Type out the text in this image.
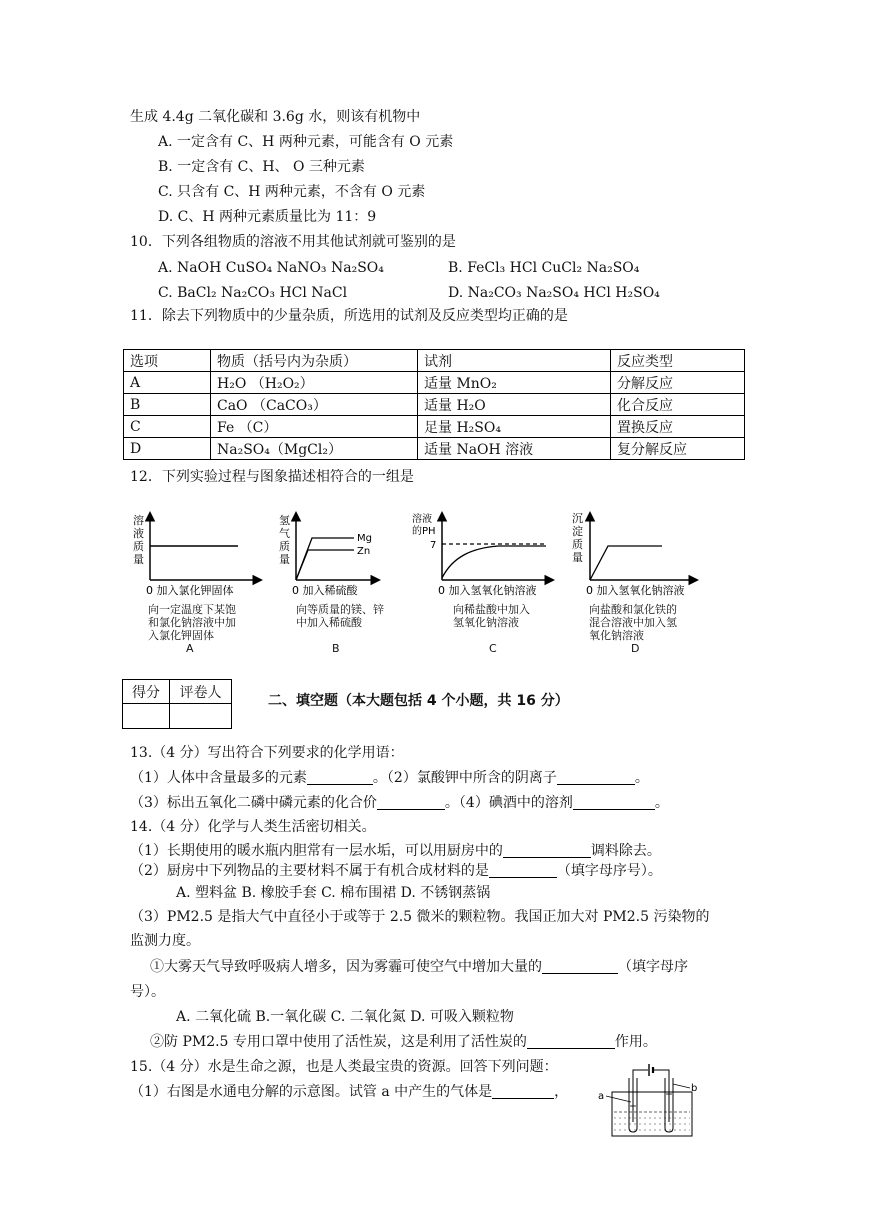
生成 4.4g 二氧化碳和 3.6g 水，则该有机物中
A. 一定含有 C、H 两种元素，可能含有 O 元素
B. 一定含有 C、H、 O 三种元素
C. 只含有 C、H 两种元素，不含有 O 元素
D. C、H 两种元素质量比为 11：9
10．下列各组物质的溶液不用其他试剂就可鉴别的是
A. NaOH CuSO₄ NaNO₃ Na₂SO₄	B. FeCl₃ HCl CuCl₂ Na₂SO₄
C. BaCl₂ Na₂CO₃ HCl NaCl	D. Na₂CO₃ Na₂SO₄ HCl H₂SO₄
11．除去下列物质中的少量杂质，所选用的试剂及反应类型均正确的是
选项	物质（括号内为杂质）	试剂	反应类型
A	H₂O （H₂O₂）	适量 MnO₂	分解反应
B	CaO （CaCO₃）	适量 H₂O	化合反应
C	Fe （C）	足量 H₂SO₄	置换反应
D	Na₂SO₄（MgCl₂）	适量 NaOH 溶液	复分解反应
12．下列实验过程与图象描述相符合的一组是
溶
液
质
量
0 加入氯化钾固体
向一定温度下某饱
和氯化钠溶液中加
入氯化钾固体
A
Mg
Zn
氢
气
质
量
0 加入稀硫酸
向等质量的镁、锌
中加入稀硫酸
B
溶液
的PH
7
0 加入氢氧化钠溶液
向稀盐酸中加入
氢氧化钠溶液
C
沉
淀
质
量
0 加入氢氧化钠溶液
向盐酸和氯化铁的
混合溶液中加入氢
氧化钠溶液
D
得分	评卷人

二、填空题（本大题包括 4 个小题，共 16 分）
13.（4 分）写出符合下列要求的化学用语：
（1）人体中含量最多的元素	。（2）氯酸钾中所含的阴离子	。
（3）标出五氧化二磷中磷元素的化合价	。（4）碘酒中的溶剂	。
14.（4 分）化学与人类生活密切相关。
（1）长期使用的暖水瓶内胆常有一层水垢，可以用厨房中的	调料除去。
（2）厨房中下列物品的主要材料不属于有机合成材料的是	（填字母序号）。
A. 塑料盆 B. 橡胶手套 C. 棉布围裙 D. 不锈钢蒸锅
（3）PM2.5 是指大气中直径小于或等于 2.5 微米的颗粒物。我国正加大对 PM2.5 污染物的
监测力度。
①大雾天气导致呼吸病人增多，因为雾霾可使空气中增加大量的	（填字母序
号）。
A. 二氧化硫 B.一氧化碳 C. 二氧化氮 D. 可吸入颗粒物
②防 PM2.5 专用口罩中使用了活性炭，这是利用了活性炭的	作用。
15.（4 分）水是生命之源，也是人类最宝贵的资源。回答下列问题：
（1）右图是水通电分解的示意图。试管 a 中产生的气体是	，	a
b
